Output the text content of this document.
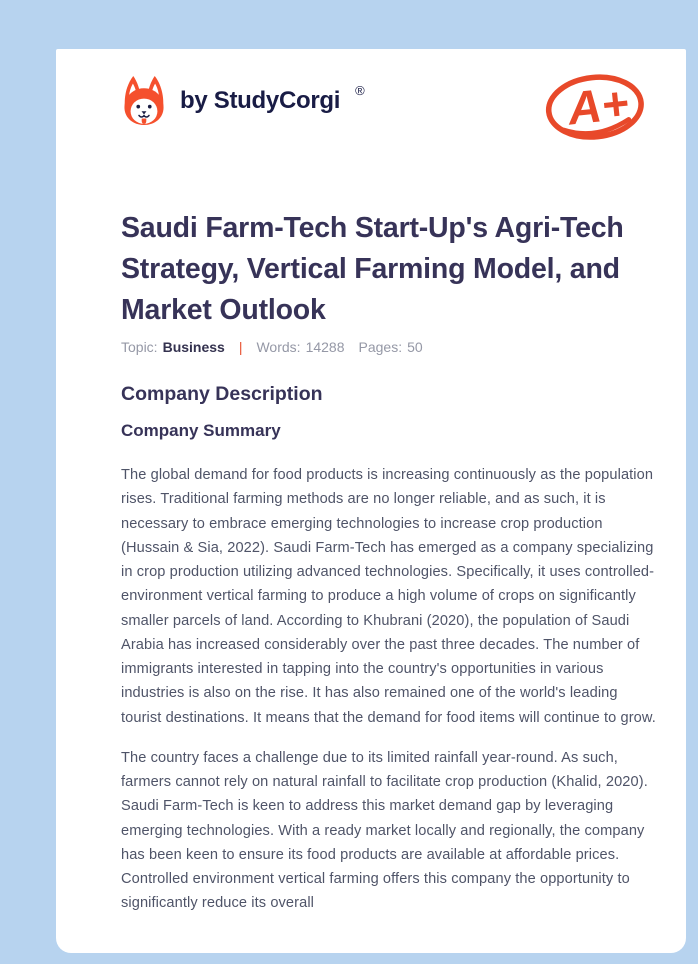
by StudyCorgi ®	A+
Saudi Farm-Tech Start-Up's Agri-Tech Strategy, Vertical Farming Model, and Market Outlook
Topic: Business | Words: 14288 Pages: 50
Company Description
Company Summary

The global demand for food products is increasing continuously as the population rises. Traditional farming methods are no longer reliable, and as such, it is necessary to embrace emerging technologies to increase crop production (Hussain & Sia, 2022). Saudi Farm-Tech has emerged as a company specializing in crop production utilizing advanced technologies. Specifically, it uses controlled-environment vertical farming to produce a high volume of crops on significantly smaller parcels of land. According to Khubrani (2020), the population of Saudi Arabia has increased considerably over the past three decades. The number of immigrants interested in tapping into the country's opportunities in various industries is also on the rise. It has also remained one of the world's leading tourist destinations. It means that the demand for food items will continue to grow.

The country faces a challenge due to its limited rainfall year-round. As such, farmers cannot rely on natural rainfall to facilitate crop production (Khalid, 2020). Saudi Farm-Tech is keen to address this market demand gap by leveraging emerging technologies. With a ready market locally and regionally, the company has been keen to ensure its food products are available at affordable prices. Controlled environment vertical farming offers this company the opportunity to significantly reduce its overall
